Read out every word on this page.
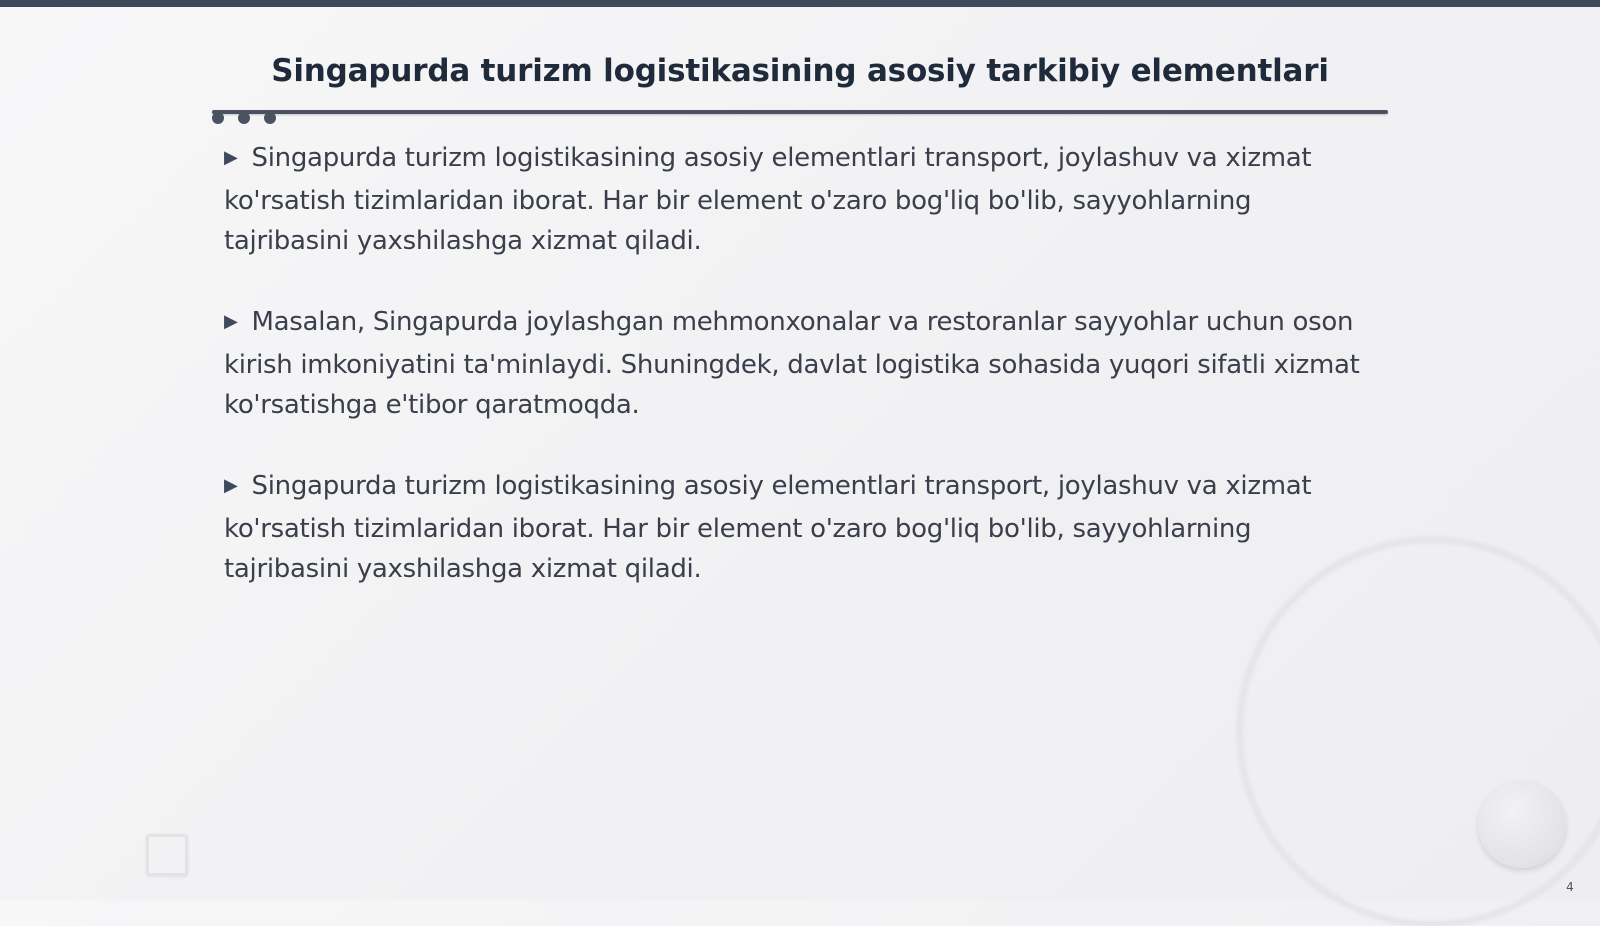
Singapurda turizm logistikasining asosiy tarkibiy elementlari

▶ Singapurda turizm logistikasining asosiy elementlari transport, joylashuv va xizmat ko'rsatish tizimlaridan iborat. Har bir element o'zaro bog'liq bo'lib, sayyohlarning tajribasini yaxshilashga xizmat qiladi.

▶ Masalan, Singapurda joylashgan mehmonxonalar va restoranlar sayyohlar uchun oson kirish imkoniyatini ta'minlaydi. Shuningdek, davlat logistika sohasida yuqori sifatli xizmat ko'rsatishga e'tibor qaratmoqda.

▶ Singapurda turizm logistikasining asosiy elementlari transport, joylashuv va xizmat ko'rsatish tizimlaridan iborat. Har bir element o'zaro bog'liq bo'lib, sayyohlarning tajribasini yaxshilashga xizmat qiladi.

4
